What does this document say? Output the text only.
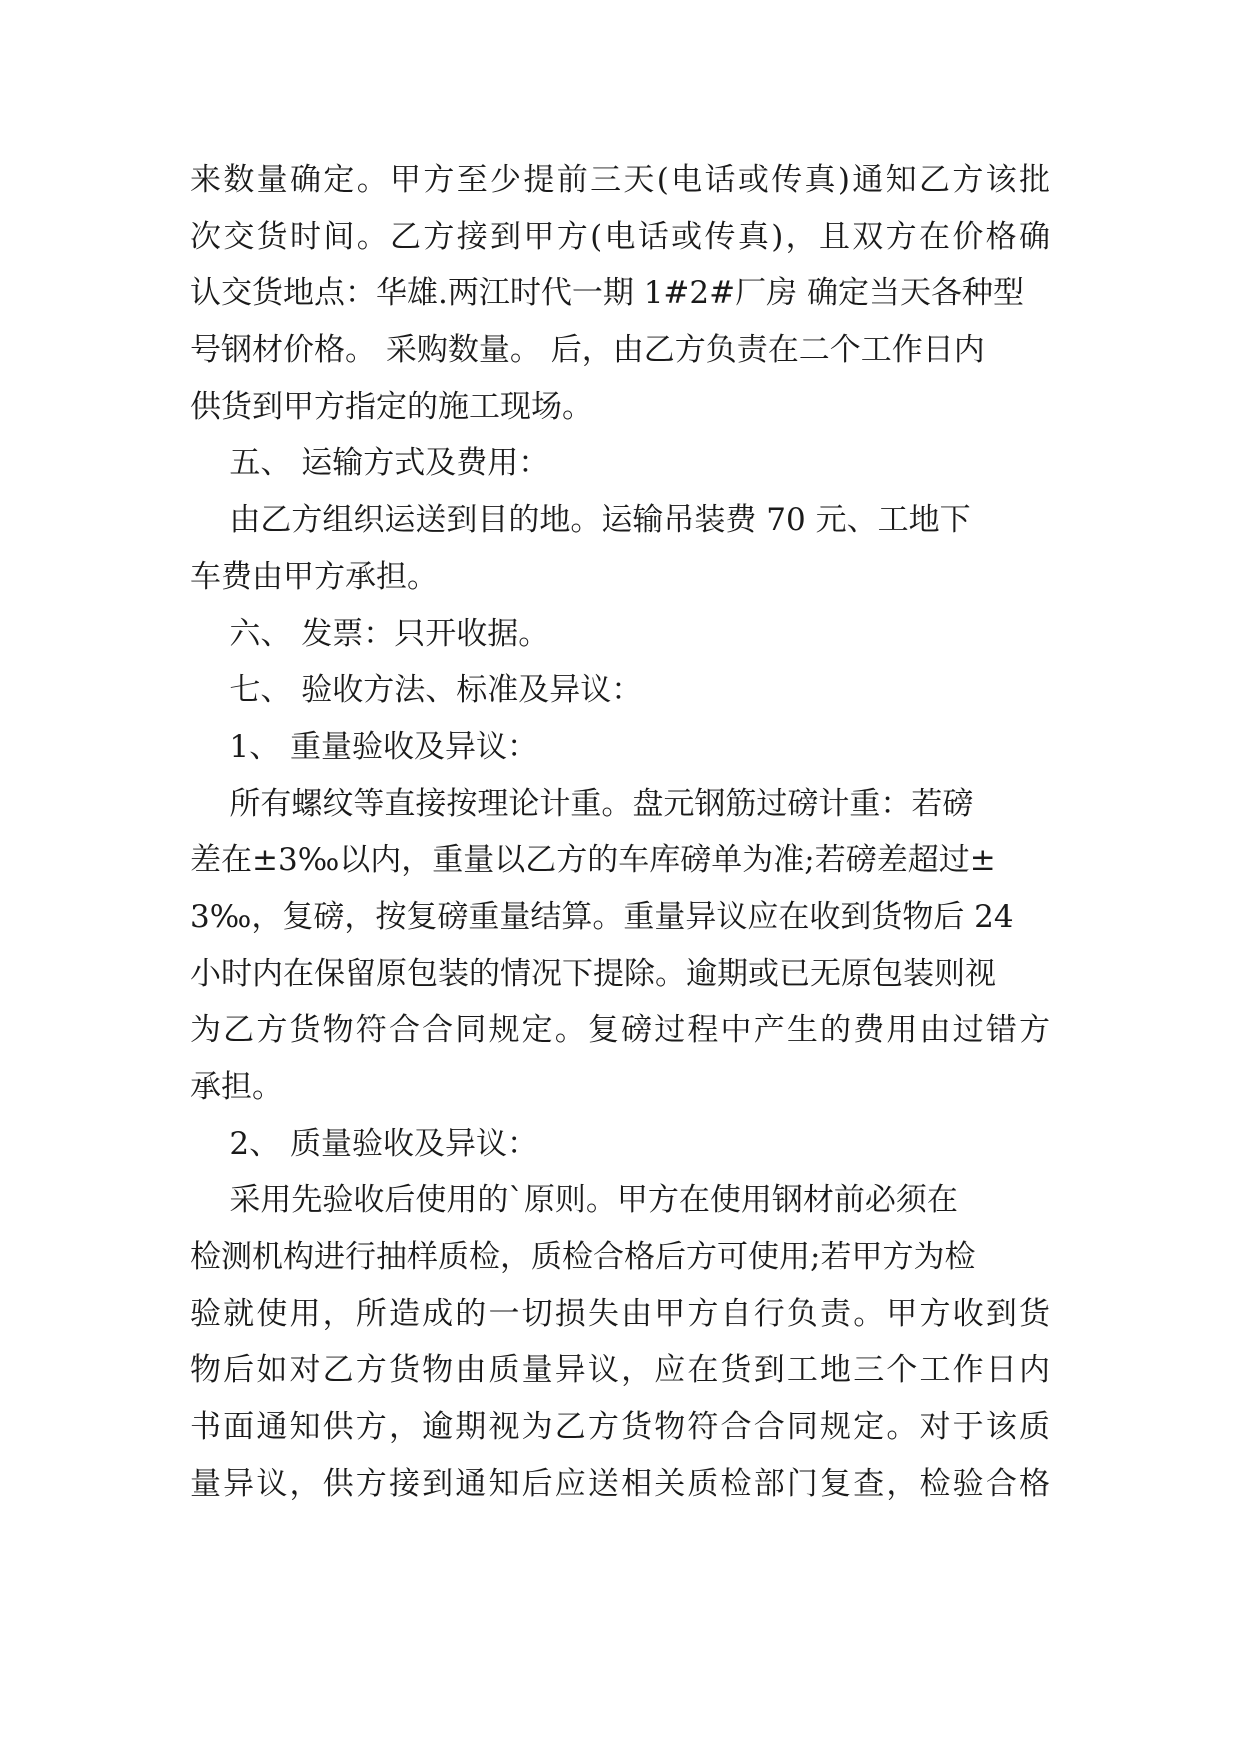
来数量确定。甲方至少提前三天(电话或传真)通知乙方该批
次交货时间。乙方接到甲方(电话或传真)，且双方在价格确
认交货地点：华雄.两江时代一期 1#2#厂房 确定当天各种型
号钢材价格。 采购数量。 后，由乙方负责在二个工作日内
供货到甲方指定的施工现场。
五、 运输方式及费用：
由乙方组织运送到目的地。运输吊装费 70 元、工地下
车费由甲方承担。
六、 发票：只开收据。
七、 验收方法、标准及异议：
1、 重量验收及异议：
所有螺纹等直接按理论计重。盘元钢筋过磅计重：若磅
差在±3‰以内，重量以乙方的车库磅单为准;若磅差超过±
3‰，复磅，按复磅重量结算。重量异议应在收到货物后 24
小时内在保留原包装的情况下提除。逾期或已无原包装则视
为乙方货物符合合同规定。复磅过程中产生的费用由过错方
承担。
2、 质量验收及异议：
采用先验收后使用的`原则。甲方在使用钢材前必须在
检测机构进行抽样质检，质检合格后方可使用;若甲方为检
验就使用，所造成的一切损失由甲方自行负责。甲方收到货
物后如对乙方货物由质量异议，应在货到工地三个工作日内
书面通知供方，逾期视为乙方货物符合合同规定。对于该质
量异议，供方接到通知后应送相关质检部门复查，检验合格
